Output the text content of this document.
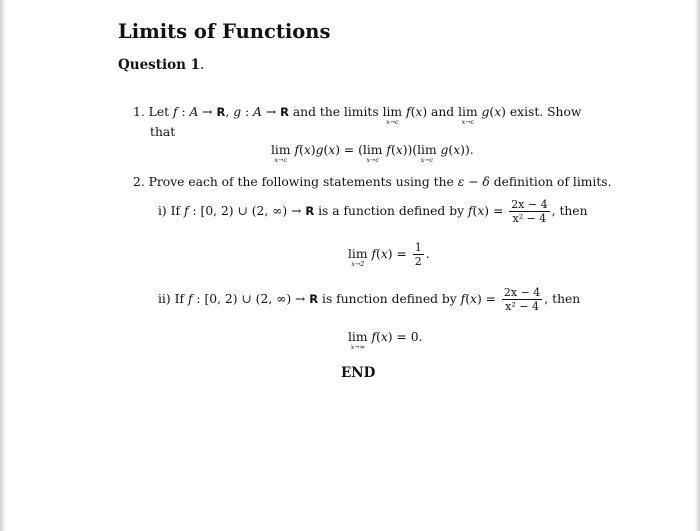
Limits of Functions
Question 1.
1. Let f : A → R, g : A → R and the limits lim
x→c
f(x) and lim
x→c
g(x) exist. Show
that
lim
x→c
f(x)g(x) = ( lim
x→c
f(x))( lim
x→c
g(x)).
2. Prove each of the following statements using the ε − δ definition of limits.
i) If f : [0, 2) ∪ (2, ∞) → R is a function defined by $f(x) = \frac{2x - 4}{\text{x² − 4}}$ , then
lim
x→2
$f(x) = \frac{1}{2}$ .
ii) If f : [0, 2) ∪ (2, ∞) → R is function defined by $f(x) = \frac{2x - 4}{\text{x² − 4}}$ , then
lim
x→∞
f(x) = 0.
END
